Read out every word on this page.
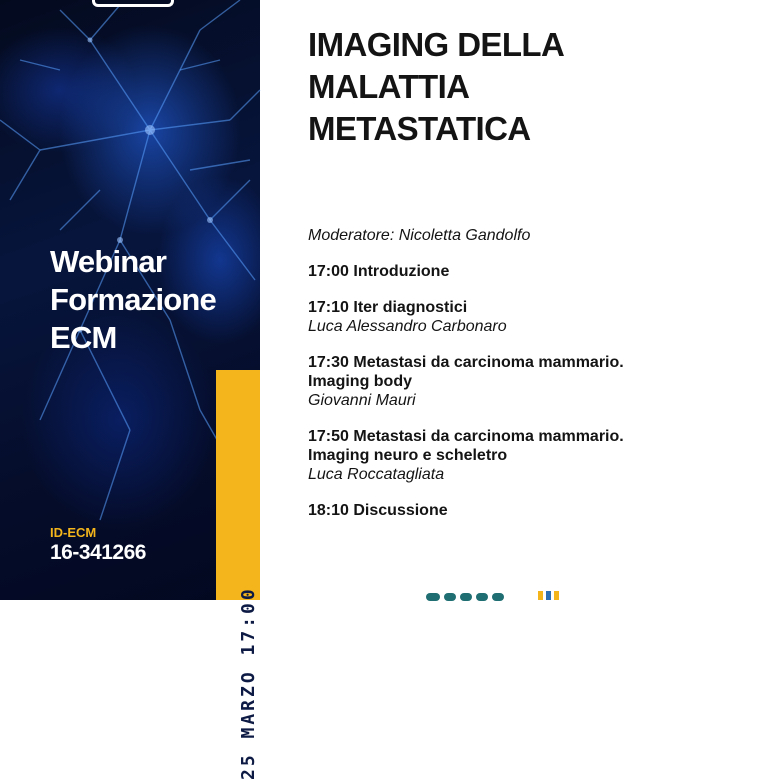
Webinar
Formazione
ECM
ID-ECM
16-341266
25 MARZO 17:00
IMAGING DELLA
MALATTIA
METASTATICA
Moderatore: Nicoletta Gandolfo
17:00 Introduzione
17:10 Iter diagnostici
Luca Alessandro Carbonaro
17:30 Metastasi da carcinoma mammario.
Imaging body
Giovanni Mauri
17:50 Metastasi da carcinoma mammario.
Imaging neuro e scheletro
Luca Roccatagliata
18:10 Discussione
